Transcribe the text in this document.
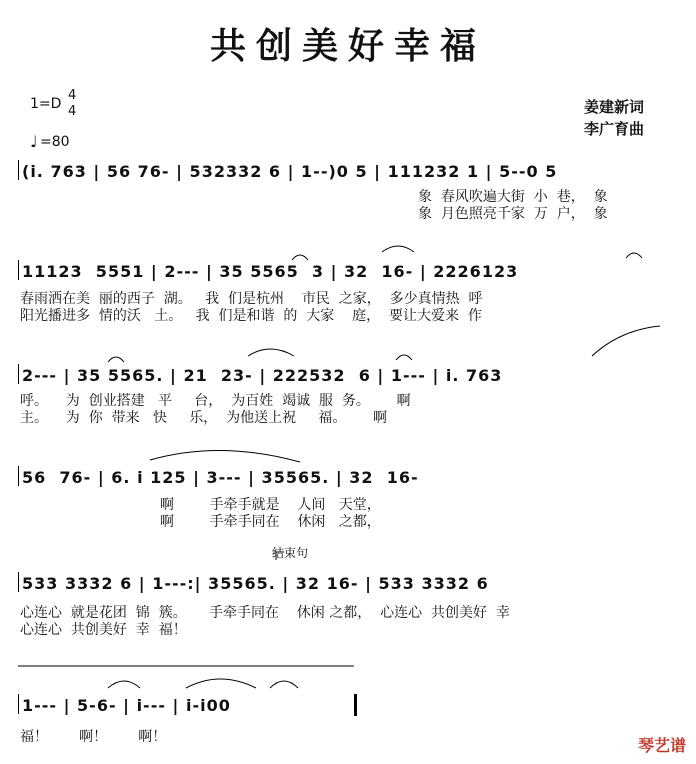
共创美好幸福
1=D
4
4
♩ =80
姜建新词
李广育曲
(i. 763 | 56 76- | 532332 6 | 1--)0 5 | 111232 1 | 5--0 5
象  春风吹遍大街  小  巷，  象
象  月色照亮千家  万  户，  象
11123  5551 | 2--- | 35 5565  3 | 32  16- | 2226123
春雨洒在美  丽的西子  湖。   我  们是杭州    市民  之家，  多少真情热  呼
阳光播进多  情的沃   土。   我  们是和谐  的  大家    庭，  要让大爱来  作
2--- | 35 5565. | 21  23- | 222532  6 | 1--- | i. 763
呼。    为  创业搭建   平     台，  为百姓  竭诚  服  务。      啊
主。    为  你  带来   快     乐，  为他送上祝     福。      啊
56  76- | 6. i 125 | 3--- | 35565. | 32  16-
啊        手牵手就是    人间   天堂，
啊        手牵手同在    休闲   之都，
结束句
533 3332 6 | 1---:| 35565. | 32 16- | 533 3332 6
心连心  就是花团  锦  簇。     手牵手同在    休闲 之都，  心连心  共创美好  幸
心连心  共创美好  幸  福！
1--- | 5-6- | i--- | i-i00
福！       啊！       啊！	琴艺谱
